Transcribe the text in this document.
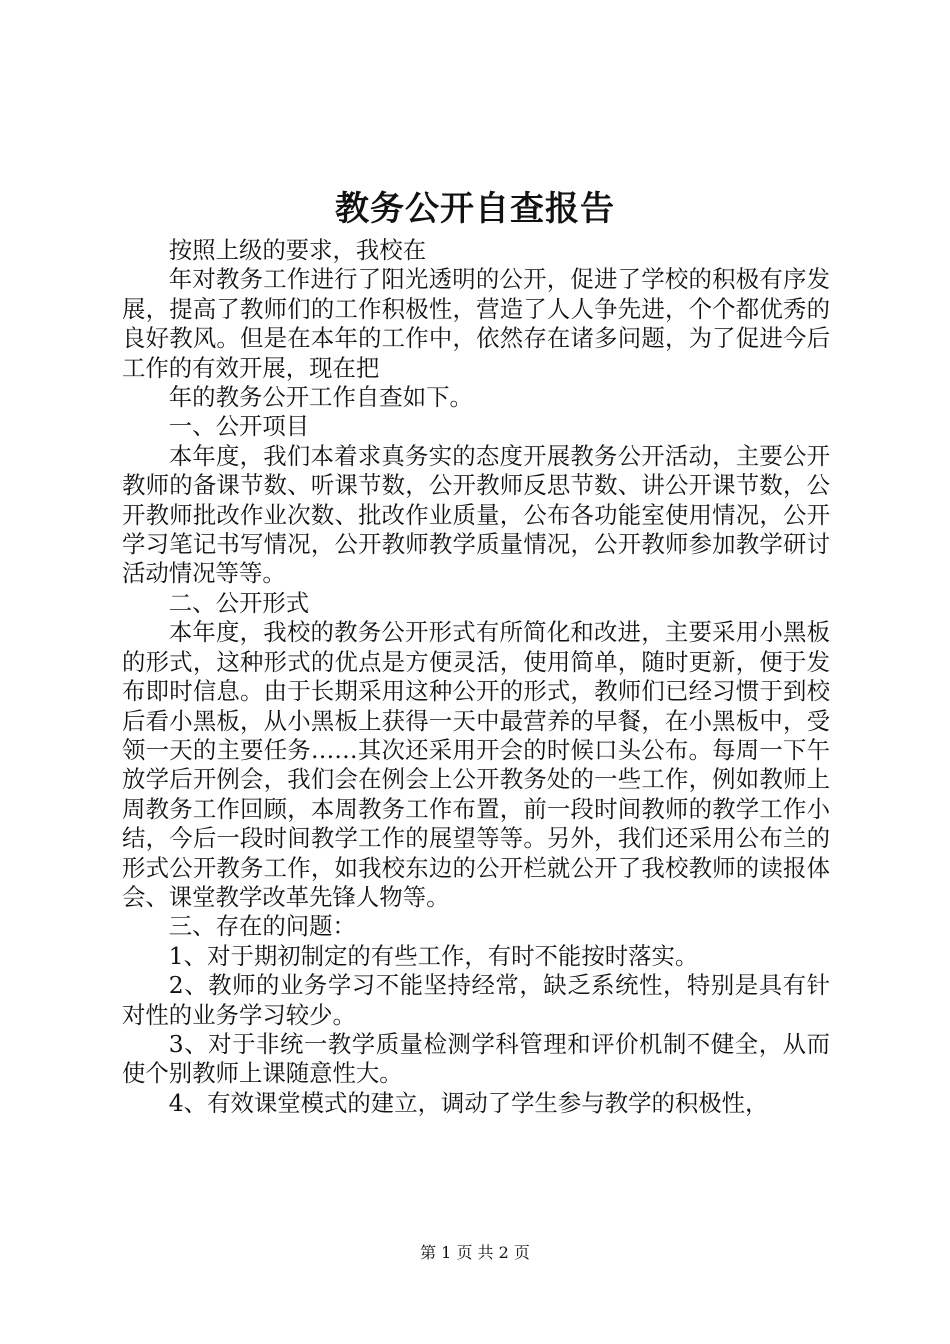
教务公开自查报告

按照上级的要求，我校在

年对教务工作进行了阳光透明的公开，促进了学校的积极有序发展，提高了教师们的工作积极性，营造了人人争先进，个个都优秀的良好教风。但是在本年的工作中，依然存在诸多问题，为了促进今后工作的有效开展，现在把

年的教务公开工作自查如下。

一、公开项目

本年度，我们本着求真务实的态度开展教务公开活动，主要公开教师的备课节数、听课节数，公开教师反思节数、讲公开课节数，公开教师批改作业次数、批改作业质量，公布各功能室使用情况，公开学习笔记书写情况，公开教师教学质量情况，公开教师参加教学研讨活动情况等等。

二、公开形式

本年度，我校的教务公开形式有所简化和改进，主要采用小黑板的形式，这种形式的优点是方便灵活，使用简单，随时更新，便于发布即时信息。由于长期采用这种公开的形式，教师们已经习惯于到校后看小黑板，从小黑板上获得一天中最营养的早餐，在小黑板中，受领一天的主要任务……其次还采用开会的时候口头公布。每周一下午放学后开例会，我们会在例会上公开教务处的一些工作，例如教师上周教务工作回顾，本周教务工作布置，前一段时间教师的教学工作小结，今后一段时间教学工作的展望等等。另外，我们还采用公布兰的形式公开教务工作，如我校东边的公开栏就公开了我校教师的读报体会、课堂教学改革先锋人物等。

三、存在的问题：

1、对于期初制定的有些工作，有时不能按时落实。

2、教师的业务学习不能坚持经常，缺乏系统性，特别是具有针对性的业务学习较少。

3、对于非统一教学质量检测学科管理和评价机制不健全，从而使个别教师上课随意性大。

4、有效课堂模式的建立，调动了学生参与教学的积极性，

第 1 页 共 2 页
